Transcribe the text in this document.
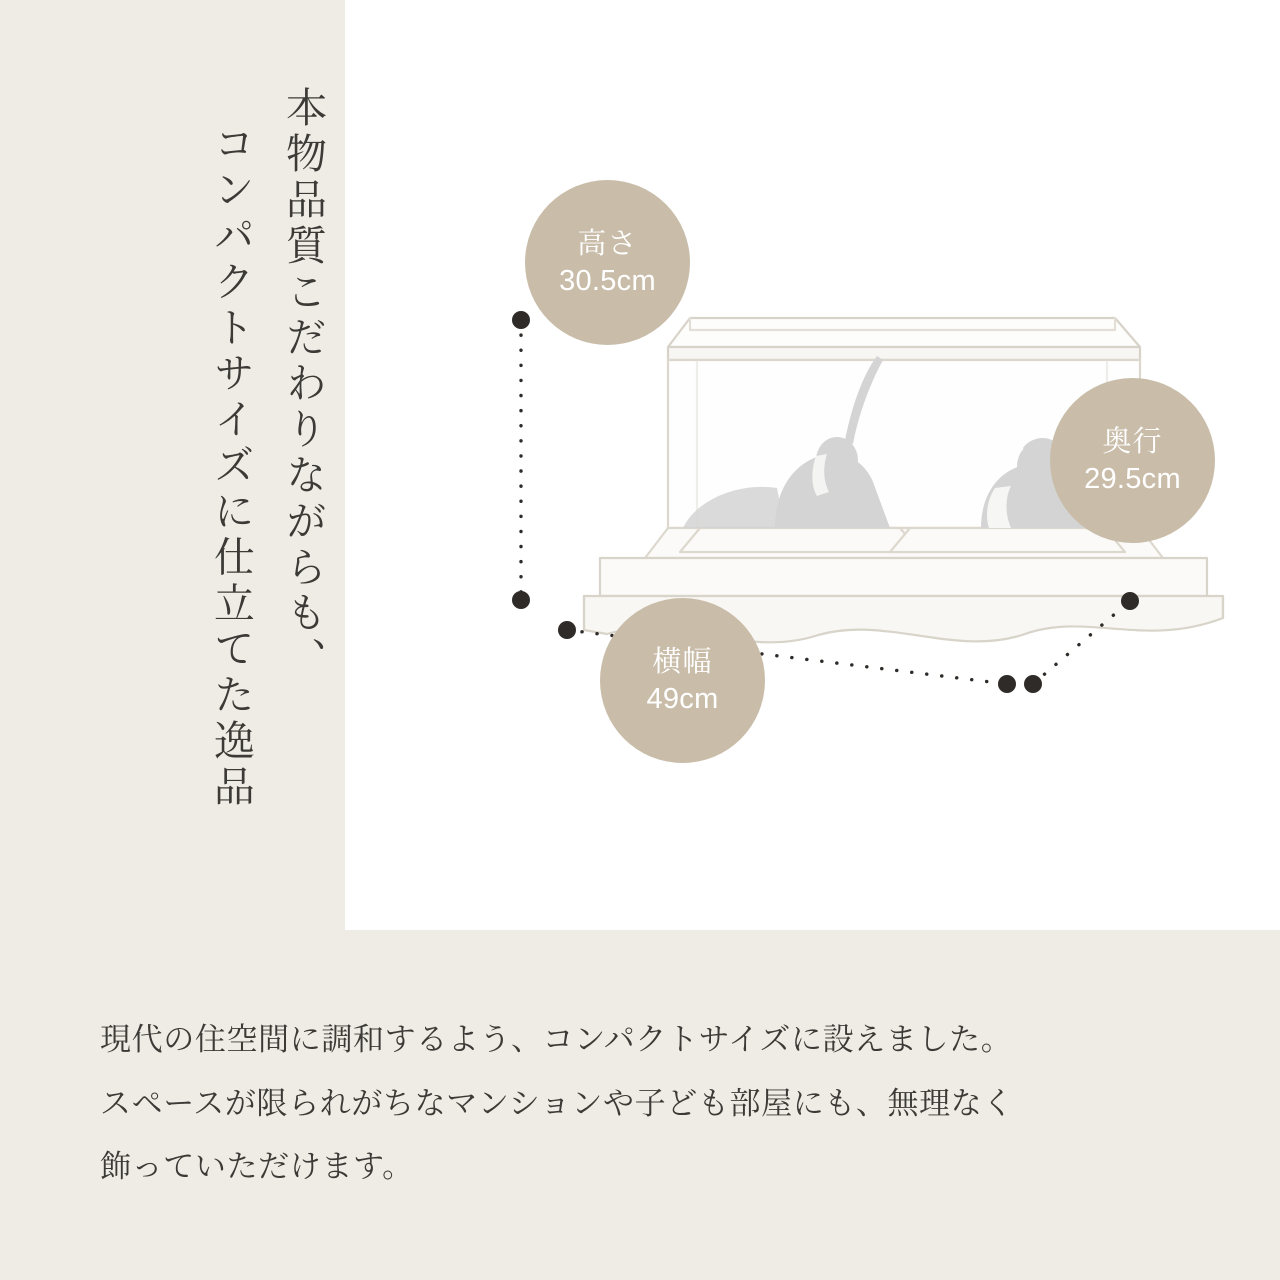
本物品質こだわりながらも、
コンパクトサイズに仕立てた逸品	高さ
30.5cm
奥行
29.5cm
横幅
49cm

現代の住空間に調和するよう、コンパクトサイズに設えました。

スペースが限られがちなマンションや子ども部屋にも、無理なく

飾っていただけます。
